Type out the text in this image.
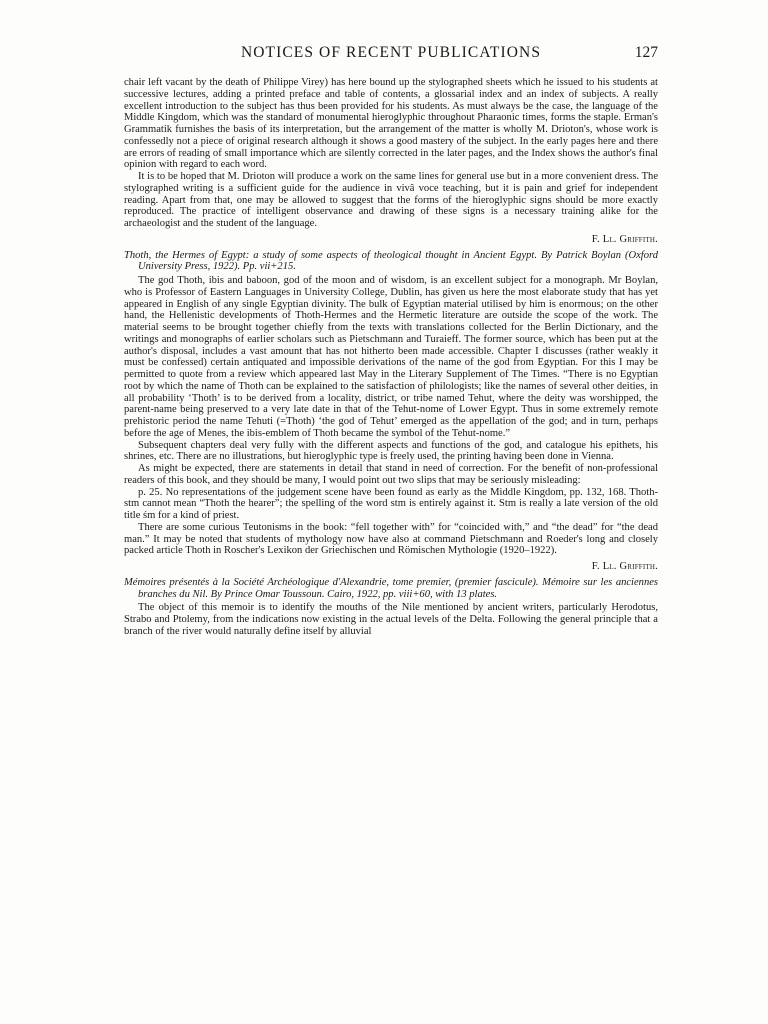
NOTICES OF RECENT PUBLICATIONS	127

chair left vacant by the death of Philippe Virey) has here bound up the stylographed sheets which he issued to his students at successive lectures, adding a printed preface and table of contents, a glossarial index and an index of subjects. A really excellent introduction to the subject has thus been provided for his students. As must always be the case, the language of the Middle Kingdom, which was the standard of monumental hieroglyphic throughout Pharaonic times, forms the staple. Erman's Grammatik furnishes the basis of its interpretation, but the arrangement of the matter is wholly M. Drioton's, whose work is confessedly not a piece of original research although it shows a good mastery of the subject. In the early pages here and there are errors of reading of small importance which are silently corrected in the later pages, and the Index shows the author's final opinion with regard to each word.

It is to be hoped that M. Drioton will produce a work on the same lines for general use but in a more convenient dress. The stylographed writing is a sufficient guide for the audience in vivâ voce teaching, but it is pain and grief for independent reading. Apart from that, one may be allowed to suggest that the forms of the hieroglyphic signs should be more exactly reproduced. The practice of intelligent observance and drawing of these signs is a necessary training alike for the archaeologist and the student of the language.

F. Ll. Griffith.

Thoth, the Hermes of Egypt: a study of some aspects of theological thought in Ancient Egypt. By Patrick Boylan (Oxford University Press, 1922). Pp. vii+215.

The god Thoth, ibis and baboon, god of the moon and of wisdom, is an excellent subject for a monograph. Mr Boylan, who is Professor of Eastern Languages in University College, Dublin, has given us here the most elaborate study that has yet appeared in English of any single Egyptian divinity. The bulk of Egyptian material utilised by him is enormous; on the other hand, the Hellenistic developments of Thoth-Hermes and the Hermetic literature are outside the scope of the work. The material seems to be brought together chiefly from the texts with translations collected for the Berlin Dictionary, and the writings and monographs of earlier scholars such as Pietschmann and Turaieff. The former source, which has been put at the author's disposal, includes a vast amount that has not hitherto been made accessible. Chapter I discusses (rather weakly it must be confessed) certain antiquated and impossible derivations of the name of the god from Egyptian. For this I may be permitted to quote from a review which appeared last May in the Literary Supplement of The Times. “There is no Egyptian root by which the name of Thoth can be explained to the satisfaction of philologists; like the names of several other deities, in all probability ‘Thoth’ is to be derived from a locality, district, or tribe named Tehut, where the deity was worshipped, the parent-name being preserved to a very late date in that of the Tehut-nome of Lower Egypt. Thus in some extremely remote prehistoric period the name Tehuti (=Thoth) ‘the god of Tehut’ emerged as the appellation of the god; and in turn, perhaps before the age of Menes, the ibis-emblem of Thoth became the symbol of the Tehut-nome.”

Subsequent chapters deal very fully with the different aspects and functions of the god, and catalogue his epithets, his shrines, etc. There are no illustrations, but hieroglyphic type is freely used, the printing having been done in Vienna.

As might be expected, there are statements in detail that stand in need of correction. For the benefit of non-professional readers of this book, and they should be many, I would point out two slips that may be seriously misleading:

p. 25. No representations of the judgement scene have been found as early as the Middle Kingdom, pp. 132, 168. Thoth-stm cannot mean “Thoth the hearer”; the spelling of the word stm is entirely against it. Stm is really a late version of the old title śm for a kind of priest.

There are some curious Teutonisms in the book: “fell together with” for “coincided with,” and “the dead” for “the dead man.” It may be noted that students of mythology now have also at command Pietschmann and Roeder's long and closely packed article Thoth in Roscher's Lexikon der Griechischen und Römischen Mythologie (1920–1922).

F. Ll. Griffith.

Mémoires présentés à la Société Archéologique d'Alexandrie, tome premier, (premier fascicule). Mémoire sur les anciennes branches du Nil. By Prince Omar Toussoun. Cairo, 1922, pp. viii+60, with 13 plates.

The object of this memoir is to identify the mouths of the Nile mentioned by ancient writers, particularly Herodotus, Strabo and Ptolemy, from the indications now existing in the actual levels of the Delta. Following the general principle that a branch of the river would naturally define itself by alluvial
